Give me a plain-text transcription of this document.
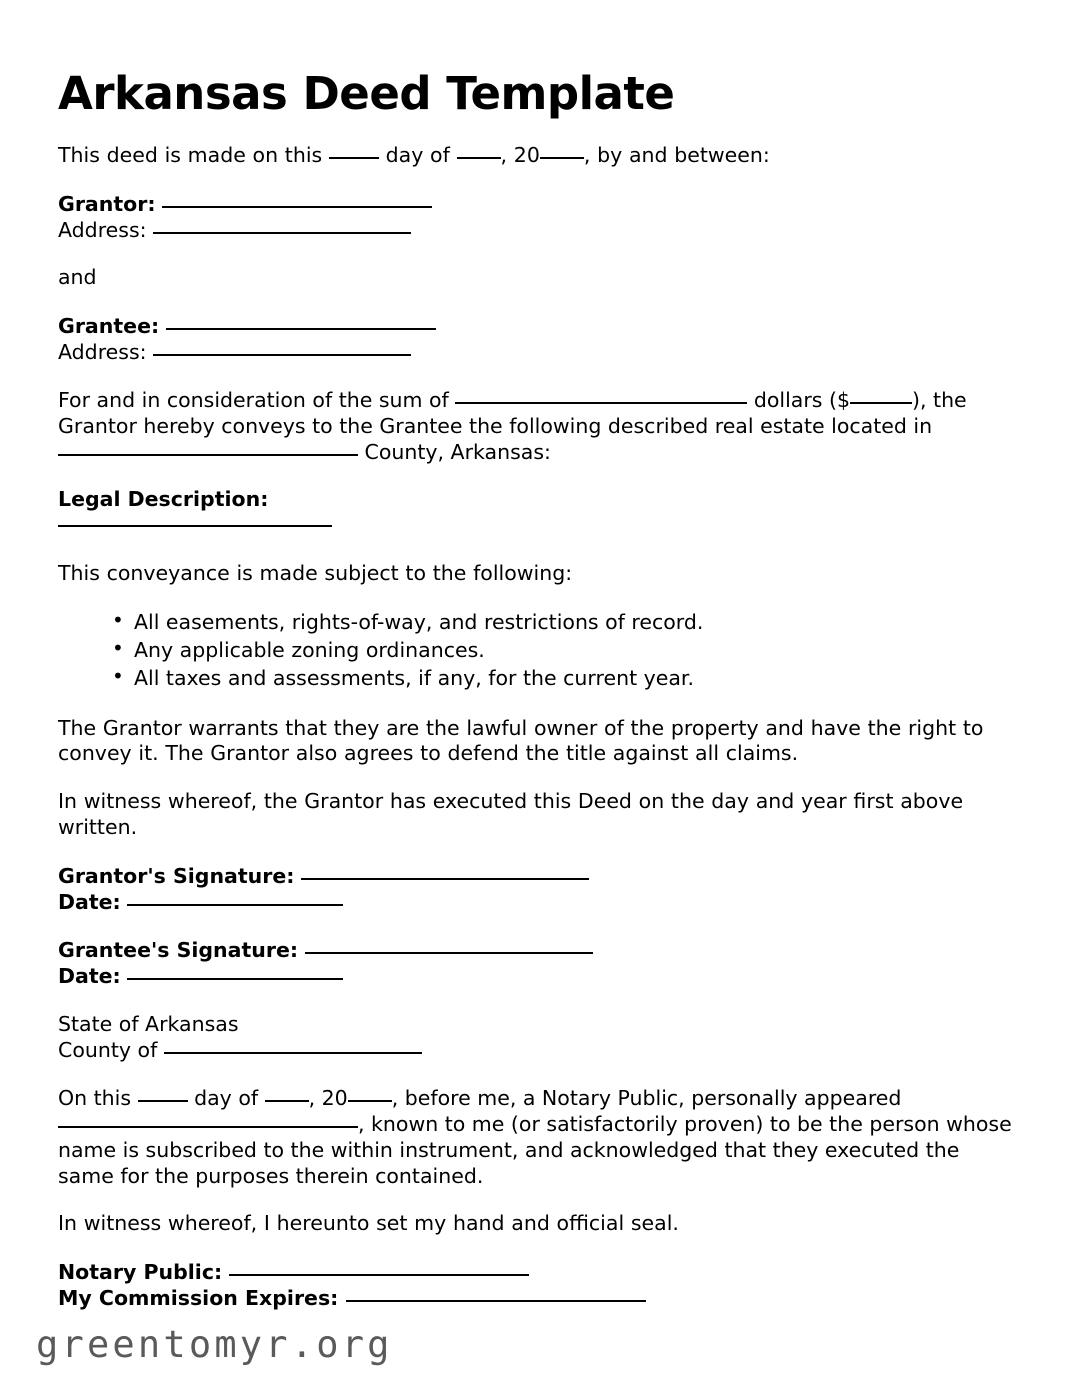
Arkansas Deed Template

This deed is made on this  day of , 20 , by and between:

Grantor:
Address:

and

Grantee:
Address:
For and in consideration of the sum of	dollars ($	), the
Grantor hereby conveys to the Grantee the following described real estate located in
County, Arkansas:
Legal Description:

This conveyance is made subject to the following:

• All easements, rights-of-way, and restrictions of record.
• Any applicable zoning ordinances.
• All taxes and assessments, if any, for the current year.

The Grantor warrants that they are the lawful owner of the property and have the right to convey it. The Grantor also agrees to defend the title against all claims.

In witness whereof, the Grantor has executed this Deed on the day and year first above written.

Grantor's Signature:
Date:
Grantee's Signature:
Date:
State of Arkansas
County of
On this  day of , 20 , before me, a Notary Public, personally appeared
, known to me (or satisfactorily proven) to be the person whose
name is subscribed to the within instrument, and acknowledged that they executed the
same for the purposes therein contained.

In witness whereof, I hereunto set my hand and official seal.

Notary Public:
My Commission Expires:
greentomyr.org
